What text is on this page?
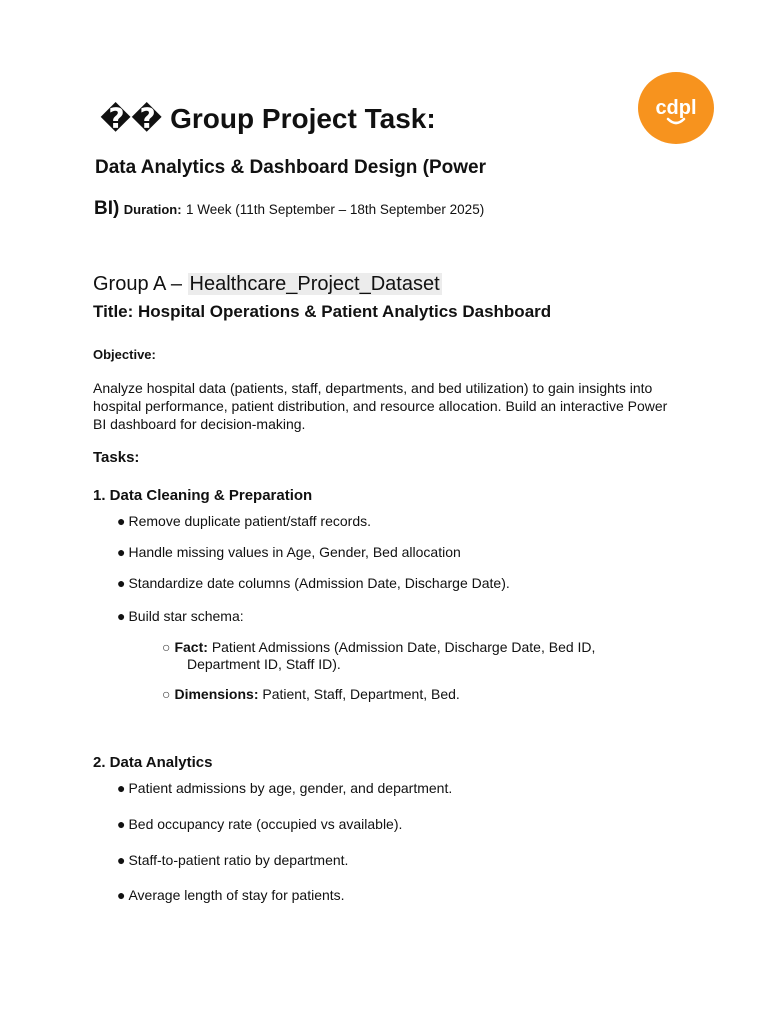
cdpl
�� Group Project Task:
Data Analytics & Dashboard Design (Power
BI) Duration: 1 Week (11th September – 18th September 2025)
Group A – Healthcare_Project_Dataset
Title: Hospital Operations & Patient Analytics Dashboard
Objective:
Analyze hospital data (patients, staff, departments, and bed utilization) to gain insights into hospital performance, patient distribution, and resource allocation. Build an interactive Power BI dashboard for decision-making.
Tasks:
1. Data Cleaning & Preparation
● Remove duplicate patient/staff records.
● Handle missing values in Age, Gender, Bed allocation
● Standardize date columns (Admission Date, Discharge Date).
● Build star schema:
○ Fact: Patient Admissions (Admission Date, Discharge Date, Bed ID,
Department ID, Staff ID).
○ Dimensions: Patient, Staff, Department, Bed.
2. Data Analytics
● Patient admissions by age, gender, and department.
● Bed occupancy rate (occupied vs available).
● Staff-to-patient ratio by department.
● Average length of stay for patients.
